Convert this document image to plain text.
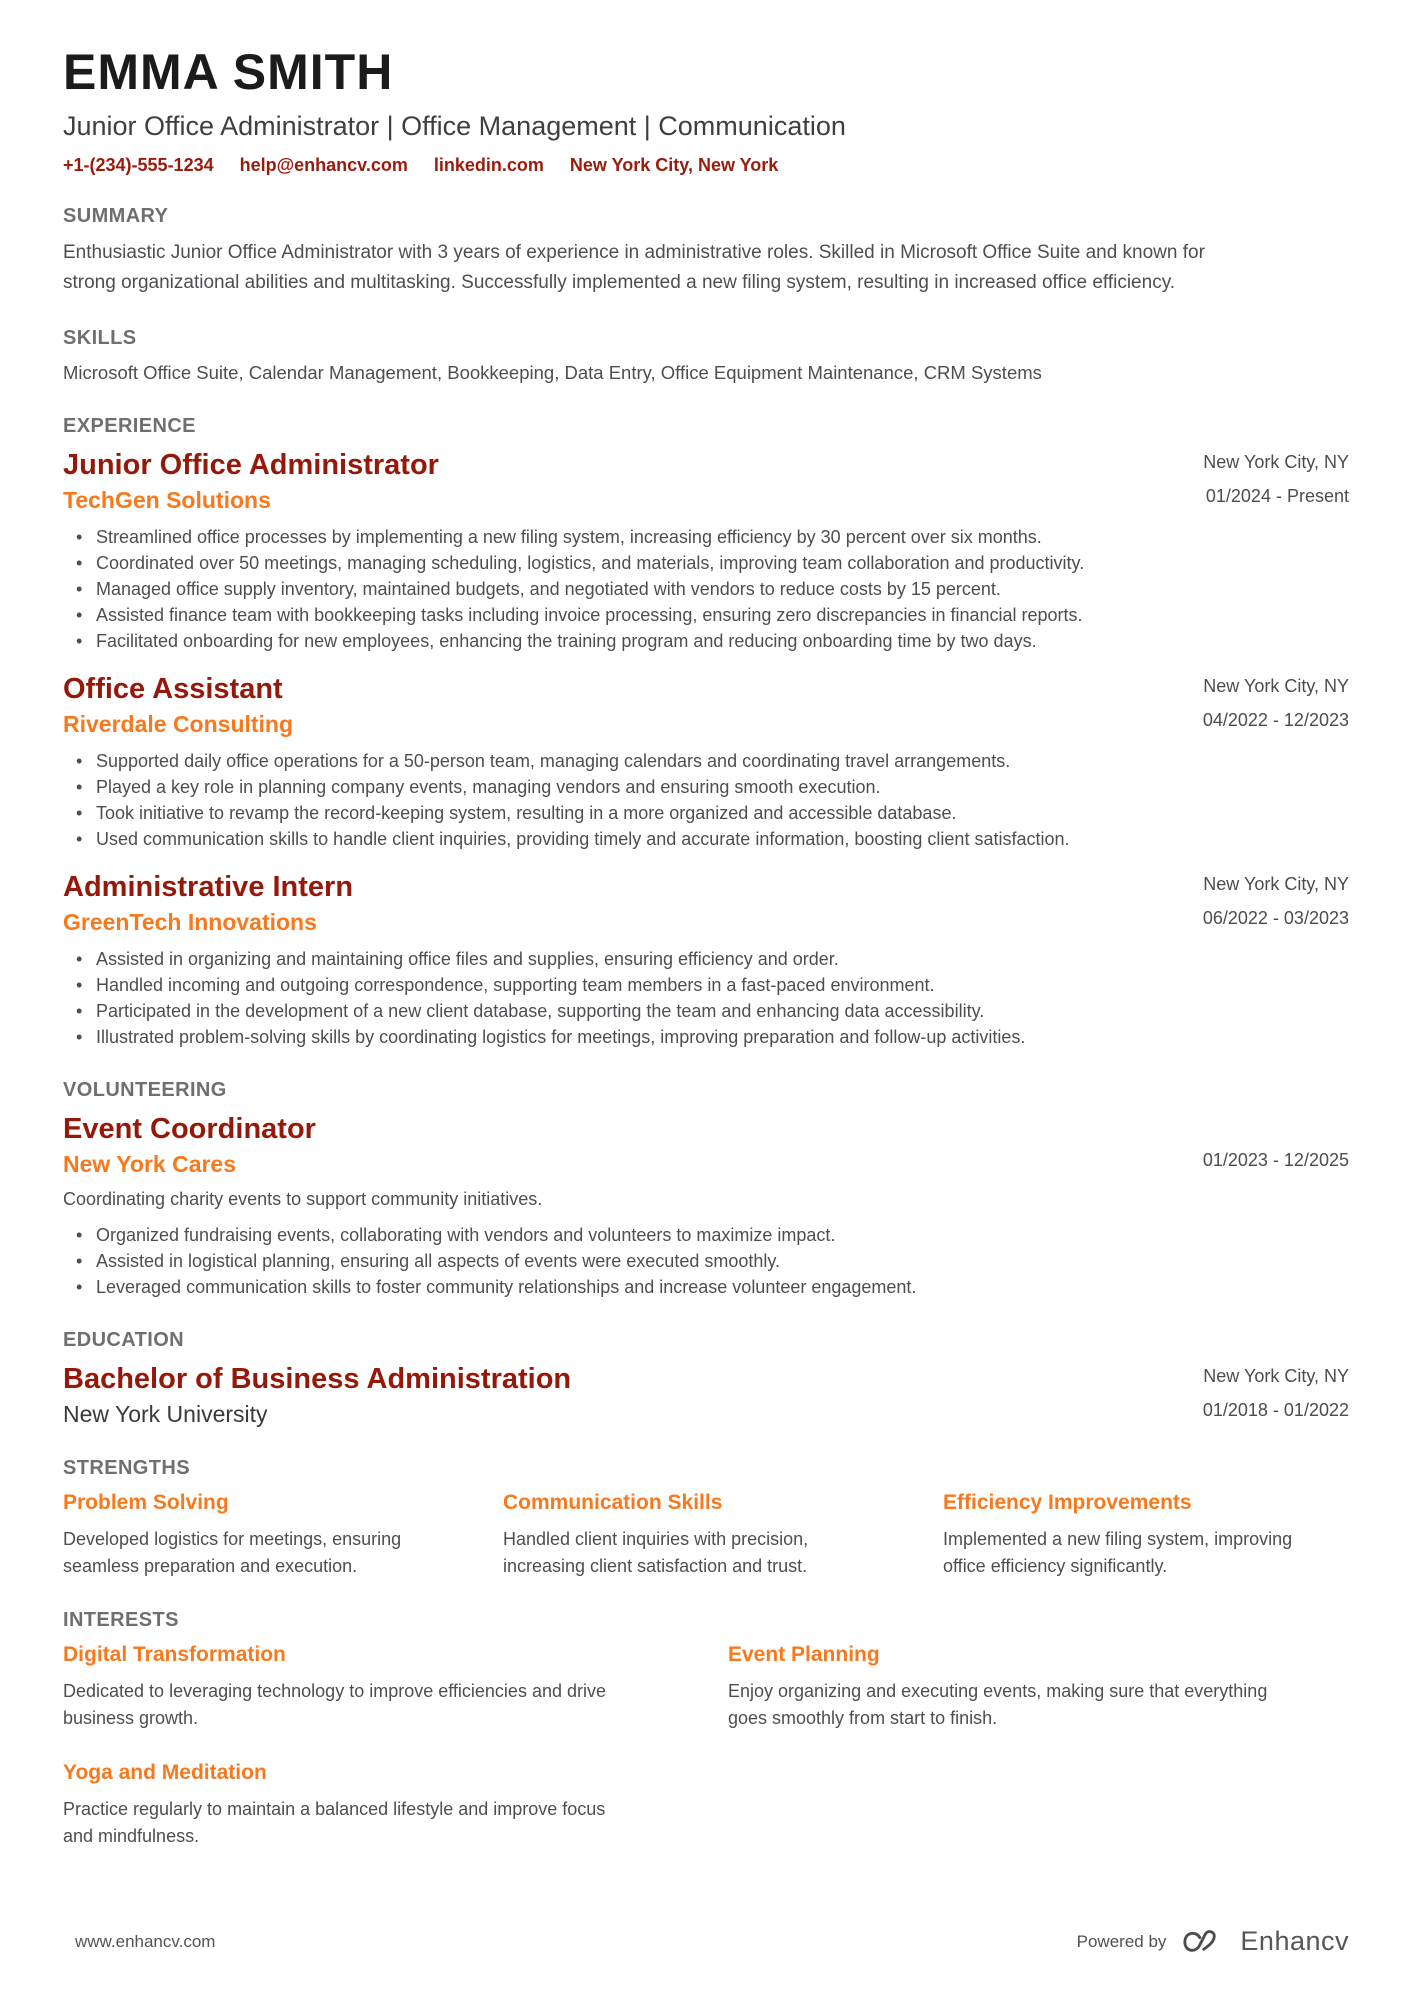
EMMA SMITH
Junior Office Administrator | Office Management | Communication
+1-(234)-555-1234 help@enhancv.com linkedin.com New York City, New York
SUMMARY

Enthusiastic Junior Office Administrator with 3 years of experience in administrative roles. Skilled in Microsoft Office Suite and known for strong organizational abilities and multitasking. Successfully implemented a new filing system, resulting in increased office efficiency.

SKILLS

Microsoft Office Suite, Calendar Management, Bookkeeping, Data Entry, Office Equipment Maintenance, CRM Systems

EXPERIENCE
Junior Office Administrator	New York City, NY
TechGen Solutions	01/2024 - Present
• Streamlined office processes by implementing a new filing system, increasing efficiency by 30 percent over six months.
• Coordinated over 50 meetings, managing scheduling, logistics, and materials, improving team collaboration and productivity.
• Managed office supply inventory, maintained budgets, and negotiated with vendors to reduce costs by 15 percent.
• Assisted finance team with bookkeeping tasks including invoice processing, ensuring zero discrepancies in financial reports.
• Facilitated onboarding for new employees, enhancing the training program and reducing onboarding time by two days.
Office Assistant	New York City, NY
Riverdale Consulting	04/2022 - 12/2023
• Supported daily office operations for a 50-person team, managing calendars and coordinating travel arrangements.
• Played a key role in planning company events, managing vendors and ensuring smooth execution.
• Took initiative to revamp the record-keeping system, resulting in a more organized and accessible database.
• Used communication skills to handle client inquiries, providing timely and accurate information, boosting client satisfaction.
Administrative Intern	New York City, NY
GreenTech Innovations	06/2022 - 03/2023
• Assisted in organizing and maintaining office files and supplies, ensuring efficiency and order.
• Handled incoming and outgoing correspondence, supporting team members in a fast-paced environment.
• Participated in the development of a new client database, supporting the team and enhancing data accessibility.
• Illustrated problem-solving skills by coordinating logistics for meetings, improving preparation and follow-up activities.
VOLUNTEERING
Event Coordinator
New York Cares	01/2023 - 12/2025

Coordinating charity events to support community initiatives.

• Organized fundraising events, collaborating with vendors and volunteers to maximize impact.
• Assisted in logistical planning, ensuring all aspects of events were executed smoothly.
• Leveraged communication skills to foster community relationships and increase volunteer engagement.
EDUCATION
Bachelor of Business Administration	New York City, NY
New York University	01/2018 - 01/2022
STRENGTHS
Problem Solving

Developed logistics for meetings, ensuring seamless preparation and execution.

Communication Skills

Handled client inquiries with precision, increasing client satisfaction and trust.

Efficiency Improvements

Implemented a new filing system, improving office efficiency significantly.

INTERESTS
Digital Transformation

Dedicated to leveraging technology to improve efficiencies and drive business growth.

Event Planning

Enjoy organizing and executing events, making sure that everything goes smoothly from start to finish.

Yoga and Meditation

Practice regularly to maintain a balanced lifestyle and improve focus and mindfulness.

www.enhancv.com	Powered by	Enhancv
